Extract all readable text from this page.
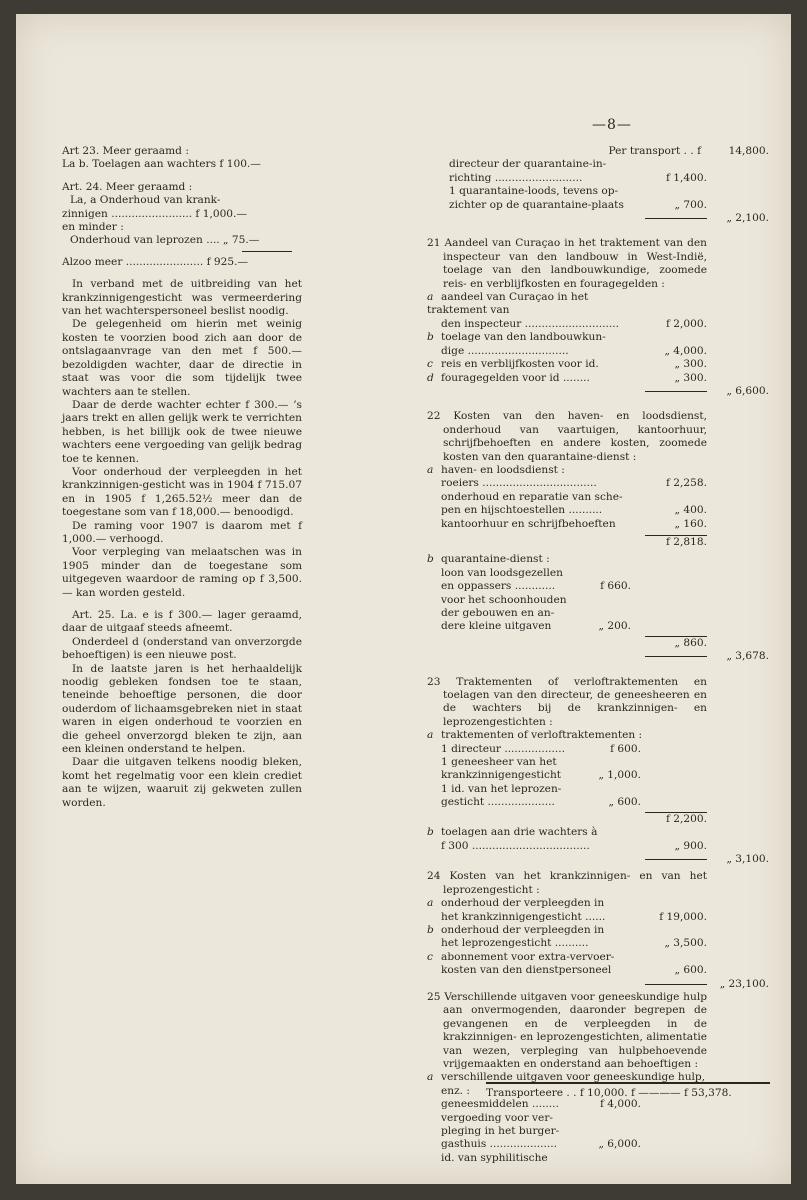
—8—
Art 23. Meer geraamd :
La b. Toelagen aan wachters f 100.—
Art. 24. Meer geraamd :
La, a Onderhoud van krank-
zinnigen ........................ f 1,000.—
en minder :
Onderhoud van leprozen .... „ 75.—
Alzoo meer ....................... f 925.—

In verband met de uitbreiding van het krankzinnigengesticht was vermeerdering van het wachterspersoneel beslist noodig.

De gelegenheid om hierin met weinig kosten te voorzien bood zich aan door de ontslagaanvrage van den met f 500.— bezoldigden wachter, daar de directie in staat was voor die som tijdelijk twee wachters aan te stellen.

Daar de derde wachter echter f 300.— ’s jaars trekt en allen gelijk werk te verrichten hebben, is het billijk ook de twee nieuwe wachters eene vergoeding van gelijk bedrag toe te kennen.

Voor onderhoud der verpleegden in het krankzinnigen-gesticht was in 1904 f 715.07 en in 1905 f 1,265.52½ meer dan de toegestane som van f 18,000.— benoodigd.

De raming voor 1907 is daarom met f 1,000.— verhoogd.

Voor verpleging van melaatschen was in 1905 minder dan de toegestane som uitgegeven waardoor de raming op f 3,500.— kan worden gesteld.

Art. 25. La. e is f 300.— lager geraamd, daar de uitgaaf steeds afneemt.

Onderdeel d (onderstand van onverzorgde behoeftigen) is een nieuwe post.

In de laatste jaren is het herhaaldelijk noodig gebleken fondsen toe te staan, teneinde behoeftige personen, die door ouderdom of lichaamsgebreken niet in staat waren in eigen onderhoud te voorzien en die geheel onverzorgd bleken te zijn, aan een kleinen onderstand te helpen.

Daar die uitgaven telkens noodig bleken, komt het regelmatig voor een klein crediet aan te wijzen, waaruit zij gekweten zullen worden.

Per transport . . f	14,800.
directeur der quarantaine-in-
richting ..........................	f 1,400.
1 quarantaine-loods, tevens op-
zichter op de quarantaine-plaats	„ 700.
„ 2,100.

21 Aandeel van Curaçao in het traktement van den inspecteur van den landbouw in West-Indië, toelage van den landbouwkundige, zoomede reis- en verblijfkosten en fouragegelden :

a aandeel van Curaçao in het traktement van
den inspecteur ............................	f 2,000.
b toelage van den landbouwkun-
dige ..............................	„ 4,000.
c reis en verblijfkosten voor id.	„ 300.
d fouragegelden voor id ........	„ 300.
„ 6,600.

22 Kosten van den haven- en loodsdienst, onderhoud van vaartuigen, kantoorhuur, schrijfbehoeften en andere kosten, zoomede kosten van den quarantaine-dienst :

a haven- en loodsdienst :
roeiers ..................................	f 2,258.
onderhoud en reparatie van sche-
pen en hijschtoestellen ..........	„ 400.
kantoorhuur en schrijfbehoeften	„ 160.
f 2,818.
b quarantaine-dienst :
loon van loodsgezellen
en oppassers ............	f 660.
voor het schoonhouden
der gebouwen en an-
dere kleine uitgaven	„ 200.
„ 860.
„ 3,678.

23 Traktementen of verloftraktementen en toelagen van den directeur, de geneesheeren en de wachters bij de krankzinnigen- en leprozengestichten :

a traktementen of verloftraktementen :
1 directeur ..................	f 600.
1 geneesheer van het
krankzinnigengesticht	„ 1,000.
1 id. van het leprozen-
gesticht ....................	„ 600.
f 2,200.
b toelagen aan drie wachters à
f 300 ...................................	„ 900.
„ 3,100.

24 Kosten van het krankzinnigen- en van het leprozengesticht :

a onderhoud der verpleegden in
het krankzinnigengesticht ......	f 19,000.
b onderhoud der verpleegden in
het leprozengesticht ..........	„ 3,500.
c abonnement voor extra-vervoer-
kosten van den dienstpersoneel	„ 600.
„ 23,100.

25 Verschillende uitgaven voor geneeskundige hulp aan onvermogenden, daaronder begrepen de gevangenen en de verpleegden in de krakzinnigen- en leprozengestichten, alimentatie van wezen, verpleging van hulpbehoevende vrijgemaakten en onderstand aan behoeftigen :

a verschillende uitgaven voor geneeskundige hulp, enz. :
geneesmiddelen ........	f 4,000.
vergoeding voor ver-
pleging in het burger-
gasthuis ....................	„ 6,000.
id. van syphilitische
Transporteere . . f 10,000. f ———— f 53,378.
